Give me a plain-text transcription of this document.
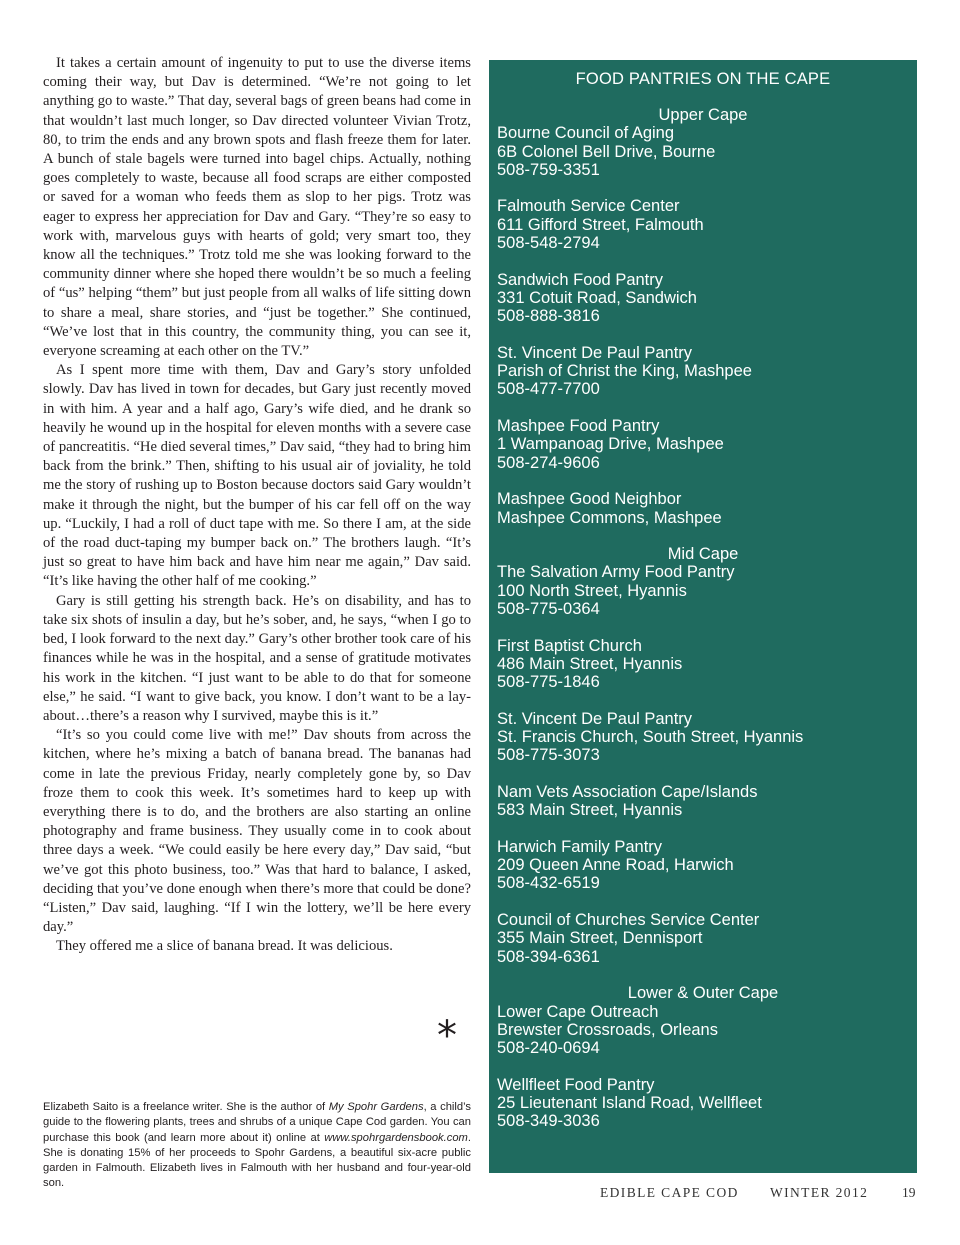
It takes a certain amount of ingenuity to put to use the diverse items coming their way, but Dav is determined. “We’re not going to let anything go to waste.” That day, several bags of green beans had come in that wouldn’t last much longer, so Dav directed volunteer Vivian Trotz, 80, to trim the ends and any brown spots and flash freeze them for later. A bunch of stale bagels were turned into bagel chips. Actually, nothing goes completely to waste, because all food scraps are either composted or saved for a woman who feeds them as slop to her pigs. Trotz was eager to express her appreciation for Dav and Gary. “They’re so easy to work with, marvelous guys with hearts of gold; very smart too, they know all the techniques.” Trotz told me she was looking forward to the community dinner where she hoped there wouldn’t be so much a feeling of “us” helping “them” but just people from all walks of life sitting down to share a meal, share stories, and “just be together.” She continued, “We’ve lost that in this country, the community thing, you can see it, everyone screaming at each other on the TV.”

As I spent more time with them, Dav and Gary’s story unfolded slowly. Dav has lived in town for decades, but Gary just recently moved in with him. A year and a half ago, Gary’s wife died, and he drank so heavily he wound up in the hospital for eleven months with a severe case of pancreatitis. “He died several times,” Dav said, “they had to bring him back from the brink.” Then, shifting to his usual air of joviality, he told me the story of rushing up to Boston because doctors said Gary wouldn’t make it through the night, but the bumper of his car fell off on the way up. “Luckily, I had a roll of duct tape with me. So there I am, at the side of the road duct-taping my bumper back on.” The brothers laugh. “It’s just so great to have him back and have him near me again,” Dav said. “It’s like having the other half of me cooking.”

Gary is still getting his strength back. He’s on disability, and has to take six shots of insulin a day, but he’s sober, and, he says, “when I go to bed, I look forward to the next day.” Gary’s other brother took care of his finances while he was in the hospital, and a sense of gratitude motivates his work in the kitchen. “I just want to be able to do that for someone else,” he said. “I want to give back, you know. I don’t want to be a lay-about…there’s a reason why I survived, maybe this is it.”

“It’s so you could come live with me!” Dav shouts from across the kitchen, where he’s mixing a batch of banana bread. The bananas had come in late the previous Friday, nearly completely gone by, so Dav froze them to cook this week. It’s sometimes hard to keep up with everything there is to do, and the brothers are also starting an online photography and frame business. They usually come in to cook about three days a week. “We could easily be here every day,” Dav said, “but we’ve got this photo business, too.” Was that hard to balance, I asked, deciding that you’ve done enough when there’s more that could be done? “Listen,” Dav said, laughing. “If I win the lottery, we’ll be here every day.”

They offered me a slice of banana bread. It was delicious.

*
Elizabeth Saito is a freelance writer. She is the author of My Spohr Gardens, a child’s guide to the flowering plants, trees and shrubs of a unique Cape Cod garden. You can purchase this book (and learn more about it) online at www.spohrgardensbook.com. She is donating 15% of her proceeds to Spohr Gardens, a beautiful six-acre public garden in Falmouth. Elizabeth lives in Falmouth with her husband and four-year-old son.
FOOD PANTRIES ON THE CAPE
Upper Cape
Bourne Council of Aging
6B Colonel Bell Drive, Bourne
508-759-3351
Falmouth Service Center
611 Gifford Street, Falmouth
508-548-2794
Sandwich Food Pantry
331 Cotuit Road, Sandwich
508-888-3816
St. Vincent De Paul Pantry
Parish of Christ the King, Mashpee
508-477-7700
Mashpee Food Pantry
1 Wampanoag Drive, Mashpee
508-274-9606
Mashpee Good Neighbor
Mashpee Commons, Mashpee
Mid Cape
The Salvation Army Food Pantry
100 North Street, Hyannis
508-775-0364
First Baptist Church
486 Main Street, Hyannis
508-775-1846
St. Vincent De Paul Pantry
St. Francis Church, South Street, Hyannis
508-775-3073
Nam Vets Association Cape/Islands
583 Main Street, Hyannis
Harwich Family Pantry
209 Queen Anne Road, Harwich
508-432-6519
Council of Churches Service Center
355 Main Street, Dennisport
508-394-6361
Lower & Outer Cape
Lower Cape Outreach
Brewster Crossroads, Orleans
508-240-0694
Wellfleet Food Pantry
25 Lieutenant Island Road, Wellfleet
508-349-3036
EDIBLE CAPE COD WINTER 2012 19
